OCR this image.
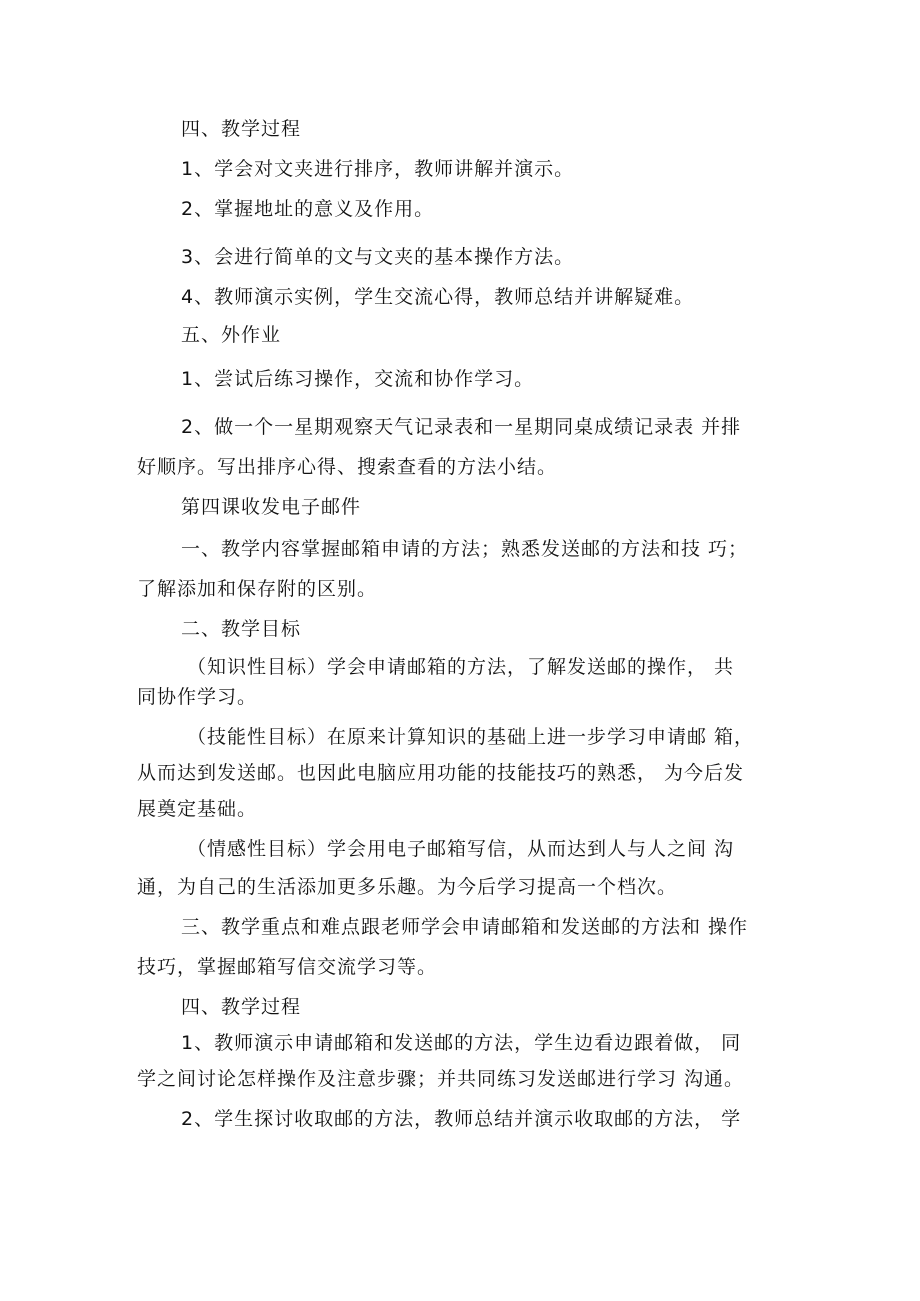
四、教学过程
1、学会对文夹进行排序，教师讲解并演示。
2、掌握地址的意义及作用。
3、会进行简单的文与文夹的基本操作方法。
4、教师演示实例，学生交流心得，教师总结并讲解疑难。
五、外作业
1、尝试后练习操作，交流和协作学习。
2、做一个一星期观察天气记录表和一星期同桌成绩记录表 并排
好顺序。写出排序心得、搜索查看的方法小结。
第四课收发电子邮件
一、教学内容掌握邮箱申请的方法；熟悉发送邮的方法和技 巧；
了解添加和保存附的区别。
二、教学目标
（知识性目标）学会申请邮箱的方法，了解发送邮的操作， 共
同协作学习。
（技能性目标）在原来计算知识的基础上进一步学习申请邮 箱，
从而达到发送邮。也因此电脑应用功能的技能技巧的熟悉， 为今后发
展奠定基础。
（情感性目标）学会用电子邮箱写信，从而达到人与人之间 沟
通，为自己的生活添加更多乐趣。为今后学习提高一个档次。
三、教学重点和难点跟老师学会申请邮箱和发送邮的方法和 操作
技巧，掌握邮箱写信交流学习等。
四、教学过程
1、教师演示申请邮箱和发送邮的方法，学生边看边跟着做， 同
学之间讨论怎样操作及注意步骤；并共同练习发送邮进行学习 沟通。
2、学生探讨收取邮的方法，教师总结并演示收取邮的方法， 学
